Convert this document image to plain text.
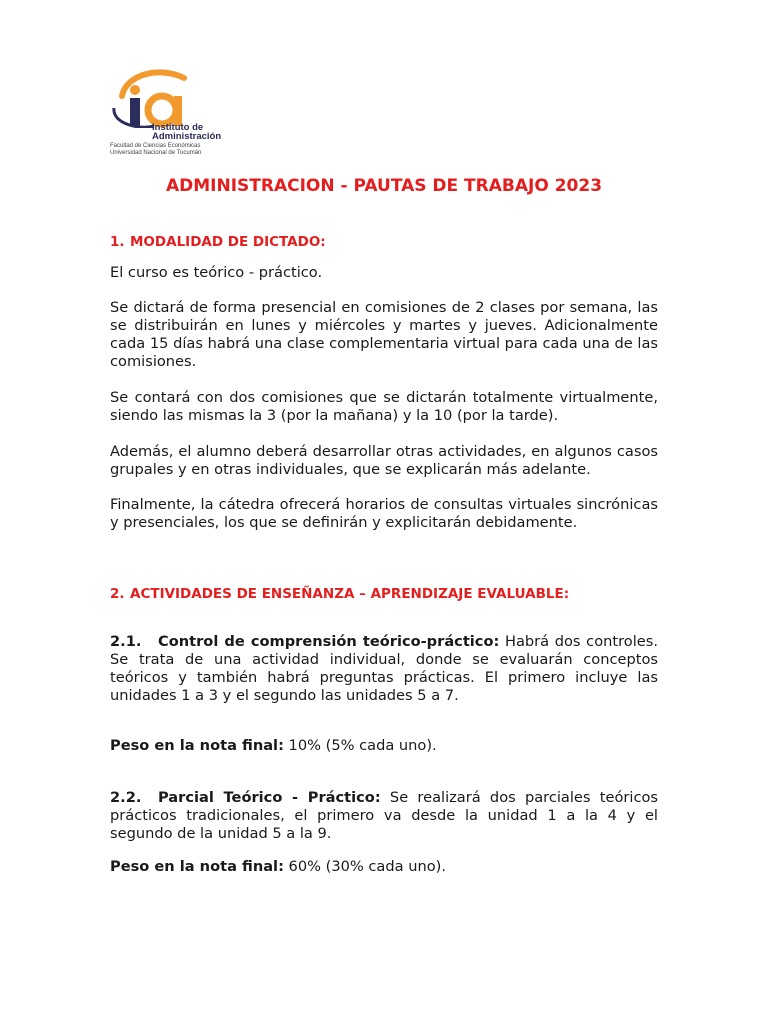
Instituto de
Administración
Facultad de Ciencias Económicas
Universidad Nacional de Tucumán
ADMINISTRACION - PAUTAS DE TRABAJO 2023
1. MODALIDAD DE DICTADO:

El curso es teórico - práctico.

Se dictará de forma presencial en comisiones de 2 clases por semana, las se distribuirán en lunes y miércoles y martes y jueves. Adicionalmente cada 15 días habrá una clase complementaria virtual para cada una de las comisiones.

Se contará con dos comisiones que se dictarán totalmente virtualmente, siendo las mismas la 3 (por la mañana) y la 10 (por la tarde).

Además, el alumno deberá desarrollar otras actividades, en algunos casos grupales y en otras individuales, que se explicarán más adelante.

Finalmente, la cátedra ofrecerá horarios de consultas virtuales sincrónicas y presenciales, los que se definirán y explicitarán debidamente.

2. ACTIVIDADES DE ENSEÑANZA – APRENDIZAJE EVALUABLE:

2.1. Control de comprensión teórico-práctico: Habrá dos controles. Se trata de una actividad individual, donde se evaluarán conceptos teóricos y también habrá preguntas prácticas. El primero incluye las unidades 1 a 3 y el segundo las unidades 5 a 7.

Peso en la nota final: 10% (5% cada uno).

2.2. Parcial Teórico - Práctico: Se realizará dos parciales teóricos prácticos tradicionales, el primero va desde la unidad 1 a la 4 y el segundo de la unidad 5 a la 9.

Peso en la nota final: 60% (30% cada uno).
